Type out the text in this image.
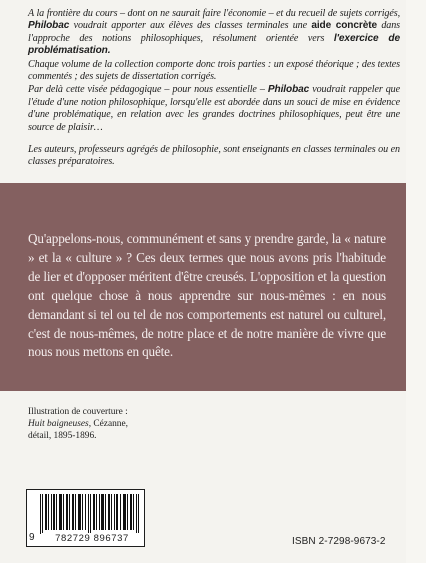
A la frontière du cours – dont on ne saurait faire l'économie – et du recueil de sujets corrigés, Philobac voudrait apporter aux élèves des classes terminales une aide concrète dans l'approche des notions philosophiques, résolument orientée vers l'exercice de problématisation.

Chaque volume de la collection comporte donc trois parties : un exposé théorique ; des textes commentés ; des sujets de dissertation corrigés.

Par delà cette visée pédagogique – pour nous essentielle – Philobac voudrait rappeler que l'étude d'une notion philosophique, lorsqu'elle est abordée dans un souci de mise en évidence d'une problématique, en relation avec les grandes doctrines philosophiques, peut être une source de plaisir…

Les auteurs, professeurs agrégés de philosophie, sont enseignants en classes terminales ou en classes préparatoires.

Qu'appelons-nous, communément et sans y prendre garde, la « nature » et la « culture » ? Ces deux termes que nous avons pris l'habitude de lier et d'opposer méritent d'être creusés. L'opposition et la question ont quelque chose à nous apprendre sur nous-mêmes : en nous demandant si tel ou tel de nos comportements est naturel ou culturel, c'est de nous-mêmes, de notre place et de notre manière de vivre que nous nous mettons en quête.
Illustration de couverture :
Huit baigneuses, Cézanne,
détail, 1895-1896.
9	782729 896737	ISBN 2-7298-9673-2
